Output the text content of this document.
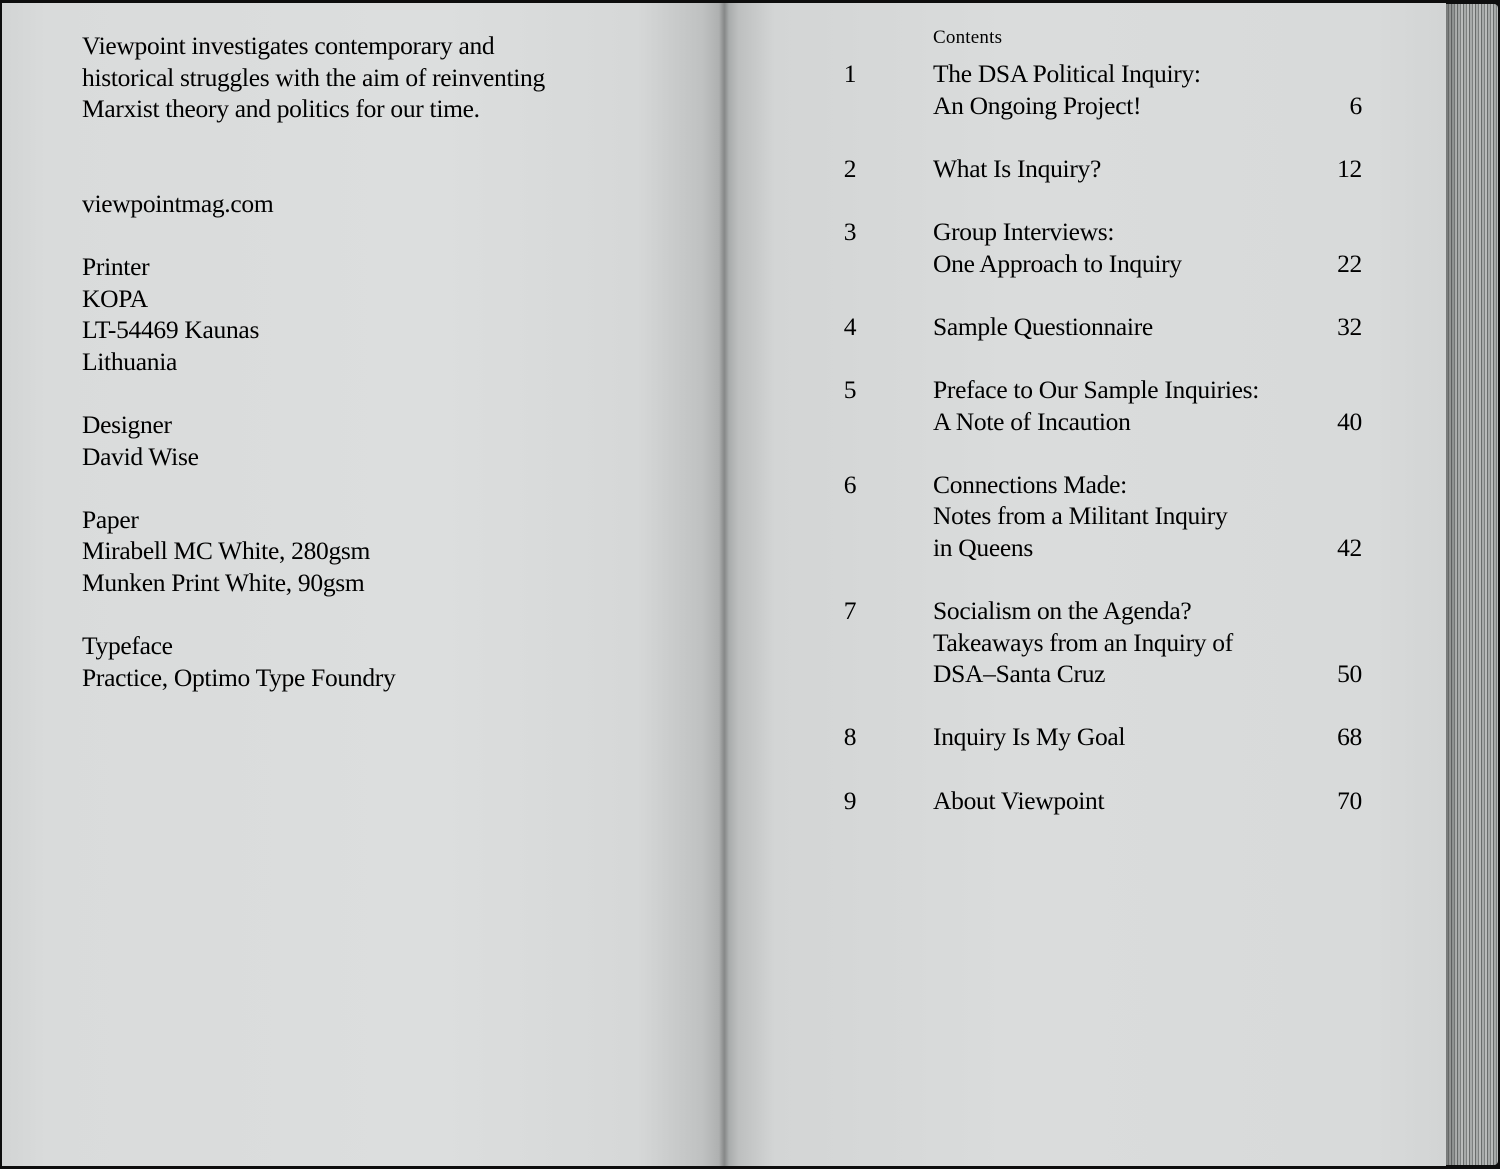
Viewpoint investigates contemporary and
historical struggles with the aim of reinventing
Marxist theory and politics for our time.

viewpointmag.com

Printer
KOPA
LT-54469 Kaunas
Lithuania

Designer
David Wise

Paper
Mirabell MC White, 280gsm
Munken Print White, 90gsm

Typeface
Practice, Optimo Type Foundry

Contents
1	The DSA Political Inquiry:
An Ongoing Project!	6
2	What Is Inquiry?	12
3	Group Interviews:
One Approach to Inquiry	22
4	Sample Questionnaire	32
5	Preface to Our Sample Inquiries:
A Note of Incaution	40
6	Connections Made:
Notes from a Militant Inquiry
in Queens	42
7	Socialism on the Agenda?
Takeaways from an Inquiry of
DSA–Santa Cruz	50
8	Inquiry Is My Goal	68
9	About Viewpoint	70
